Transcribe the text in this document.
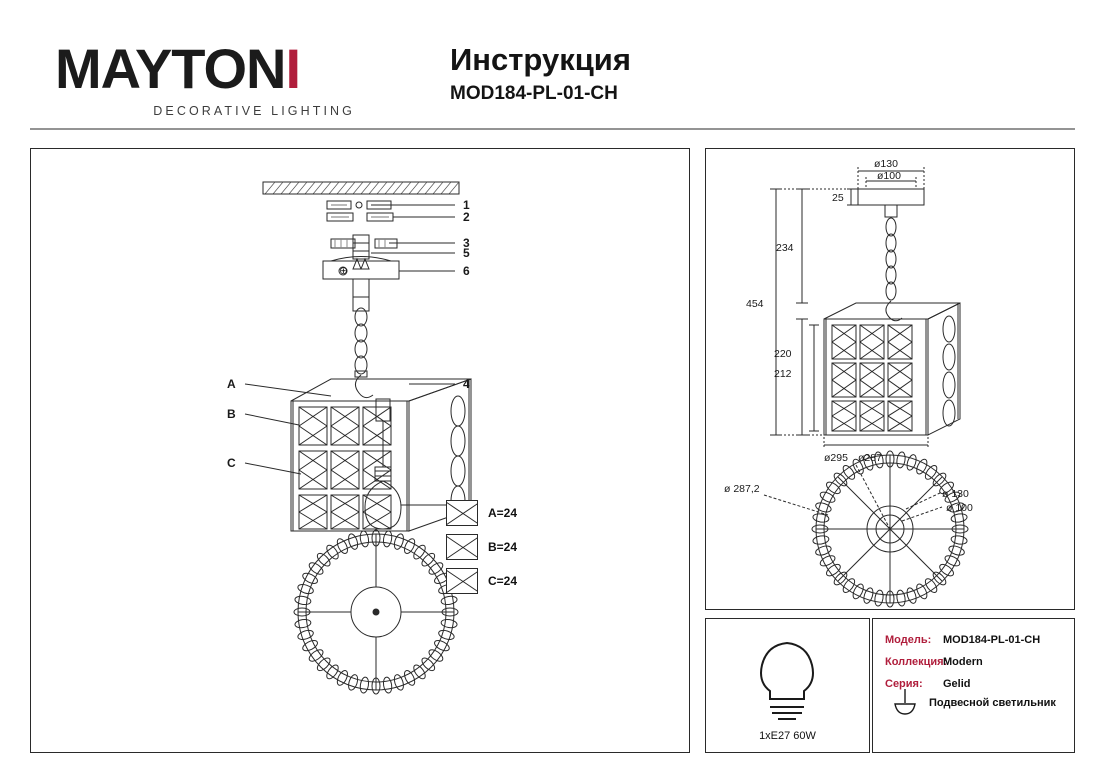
MAYTONI
DECORATIVE LIGHTING
Инструкция
MOD184-PL-01-CH
⊕
1
2
3
5
6
4
A
B
C
A=24
B=24
C=24
ø130
ø100
25
234
454
220
212
ø287
ø295
ø 287,2	ø 130
ø 100
1xE27 60W
Модель:	MOD184-PL-01-CH
Коллекция:
Modern
Серия:	Gelid
Подвесной светильник
